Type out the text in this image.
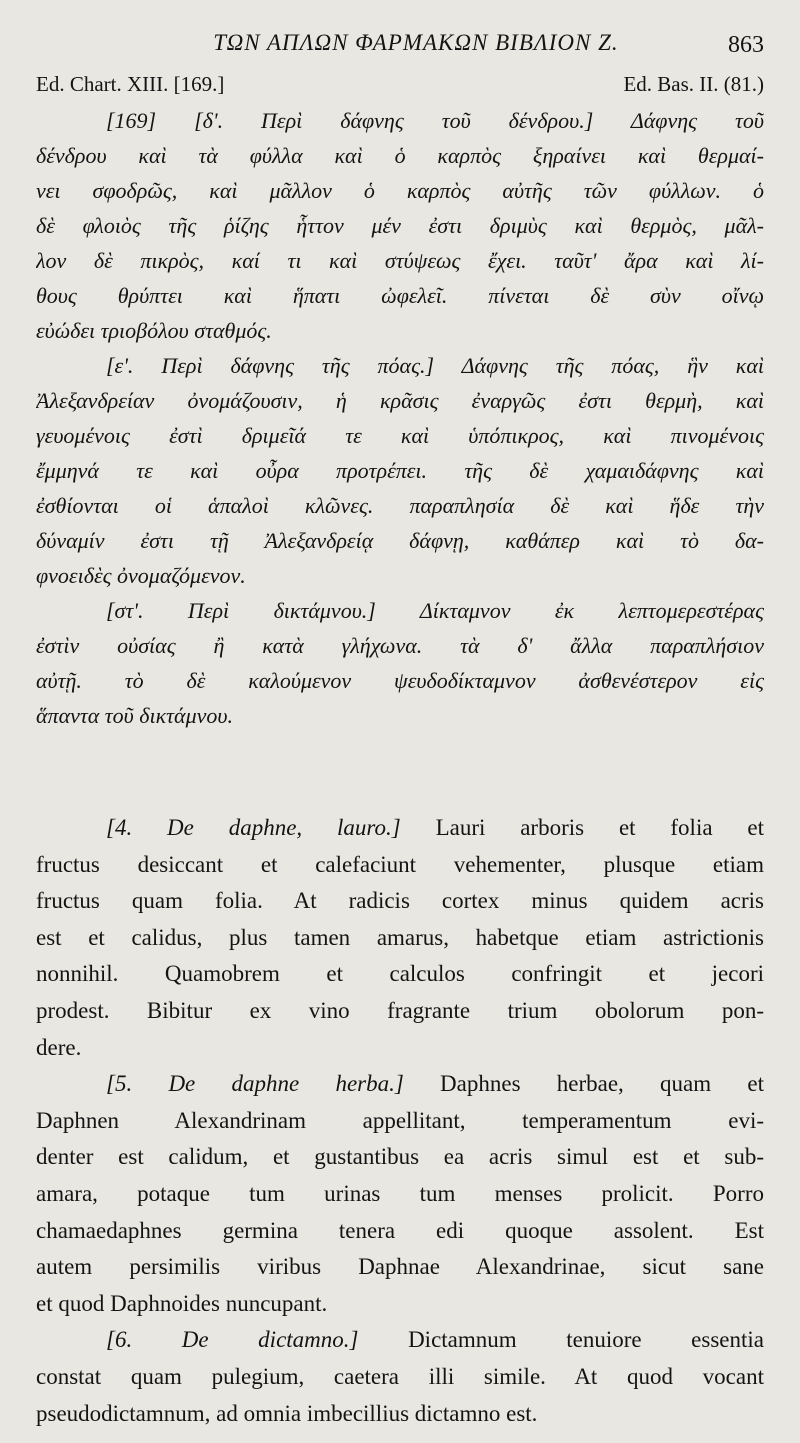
ΤΩΝ ΑΠΛΩΝ ΦΑΡΜΑΚΩΝ ΒΙΒΛΙΟΝ Ζ.	863
Ed. Chart. XIII. [169.]	Ed. Bas. II. (81.)
[169] [δ'. Περὶ δάφνης τοῦ δένδρου.] Δάφνης τοῦ
δένδρου καὶ τὰ φύλλα καὶ ὁ καρπὸς ξηραίνει καὶ θερμαί-
νει σφοδρῶς, καὶ μᾶλλον ὁ καρπὸς αὐτῆς τῶν φύλλων. ὁ
δὲ φλοιὸς τῆς ῥίζης ἧττον μέν ἐστι δριμὺς καὶ θερμὸς, μᾶλ-
λον δὲ πικρὸς, καί τι καὶ στύψεως ἔχει. ταῦτ' ἄρα καὶ λί-
θους θρύπτει καὶ ἥπατι ὠφελεῖ. πίνεται δὲ σὺν οἴνῳ
εὐώδει τριοβόλου σταθμός.
[ε'. Περὶ δάφνης τῆς πόας.] Δάφνης τῆς πόας, ἣν καὶ
Ἀλεξανδρείαν ὀνομάζουσιν, ἡ κρᾶσις ἐναργῶς ἐστι θερμὴ, καὶ
γευομένοις ἐστὶ δριμεῖά τε καὶ ὑπόπικρος, καὶ πινομένοις
ἔμμηνά τε καὶ οὖρα προτρέπει. τῆς δὲ χαμαιδάφνης καὶ
ἐσθίονται οἱ ἁπαλοὶ κλῶνες. παραπλησία δὲ καὶ ἥδε τὴν
δύναμίν ἐστι τῇ Ἀλεξανδρείᾳ δάφνῃ, καθάπερ καὶ τὸ δα-
φνοειδὲς ὀνομαζόμενον.
[στ'. Περὶ δικτάμνου.] Δίκταμνον ἐκ λεπτομερεστέρας
ἐστὶν οὐσίας ἢ κατὰ γλήχωνα. τὰ δ' ἄλλα παραπλήσιον
αὐτῇ. τὸ δὲ καλούμενον ψευδοδίκταμνον ἀσθενέστερον εἰς
ἅπαντα τοῦ δικτάμνου.
[4. De daphne, lauro.] Lauri arboris et folia et
fructus desiccant et calefaciunt vehementer, plusque etiam
fructus quam folia. At radicis cortex minus quidem acris
est et calidus, plus tamen amarus, habetque etiam astrictionis
nonnihil. Quamobrem et calculos confringit et jecori
prodest. Bibitur ex vino fragrante trium obolorum pon-
dere.
[5. De daphne herba.] Daphnes herbae, quam et
Daphnen Alexandrinam appellitant, temperamentum evi-
denter est calidum, et gustantibus ea acris simul est et sub-
amara, potaque tum urinas tum menses prolicit. Porro
chamaedaphnes germina tenera edi quoque assolent. Est
autem persimilis viribus Daphnae Alexandrinae, sicut sane
et quod Daphnoides nuncupant.
[6. De dictamno.] Dictamnum tenuiore essentia
constat quam pulegium, caetera illi simile. At quod vocant
pseudodictamnum, ad omnia imbecillius dictamno est.
